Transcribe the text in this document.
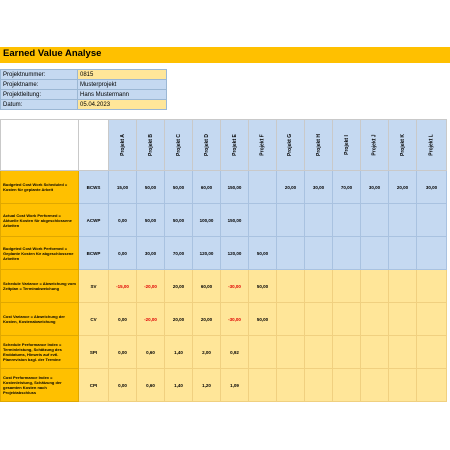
Earned Value Analyse
Projektnummer:	0815
Projektname:	Musterprojekt
Projektleitung:	Hans Mustermann
Datum:	05.04.2023
		Projekt A	Projekt B	Projekt C	Projekt D	Projekt E	Projekt F	Projekt G	Projekt H	Projekt I	Projekt J	Projekt K	Projekt L
Budgeted Cost Work Scheduled = Kosten für geplante Arbeit	BCWS	15,00	50,00	50,00	60,00	150,00		20,00	30,00	70,00	30,00	20,00	30,00
Actual Cost Work Performed = Aktuelle Kosten für abgeschlossene Arbeiten	ACWP	0,00	50,00	50,00	100,00	150,00							
Budgeted Cost Work Performed = Geplante Kosten für abgeschlossene Arbeiten	BCWP	0,00	30,00	70,00	120,00	120,00	50,00						
Schedule Variance = Abweichung vom Zeitplan = Terminabweichung	SV	-15,00	-20,00	20,00	60,00	-30,00	50,00						
Cost Variance = Abweichung der Kosten, Kostenabweichung	CV	0,00	-20,00	20,00	20,00	-30,00	50,00						
Schedule Performance Index = Terminleistung, Schätzung des Enddatums, Hinweis auf evtl. Planrevision bzgl. der Termine	SPI	0,00	0,60	1,40	2,00	0,92							
Cost Performance Index = Kostenleistung, Schätzung der gesamten Kosten nach Projektabschluss	CPI	0,00	0,60	1,40	1,20	1,09							
